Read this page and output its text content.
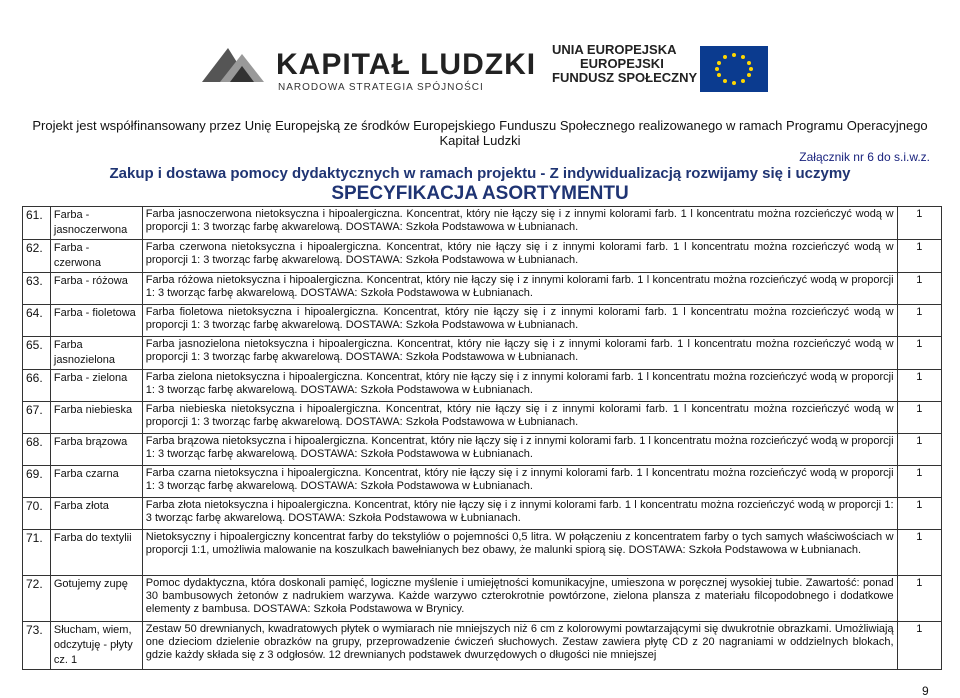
KAPITAŁ LUDZKI
NARODOWA STRATEGIA SPÓJNOŚCI
UNIA EUROPEJSKA
EUROPEJSKI
FUNDUSZ SPOŁECZNY
Projekt jest współfinansowany przez Unię Europejską ze środków Europejskiego Funduszu Społecznego realizowanego w ramach Programu Operacyjnego
Kapitał Ludzki
Załącznik nr 6 do s.i.w.z.
Zakup i dostawa pomocy dydaktycznych w ramach projektu - Z indywidualizacją rozwijamy się i uczymy
SPECYFIKACJA ASORTYMENTU
61.	Farba - jasnoczerwona	Farba jasnoczerwona nietoksyczna i hipoalergiczna. Koncentrat, który nie łączy się i z innymi kolorami farb. 1 l koncentratu można rozcieńczyć wodą w proporcji 1: 3 tworząc farbę akwarelową. DOSTAWA: Szkoła Podstawowa w Łubnianach.	1
62.	Farba - czerwona	Farba czerwona nietoksyczna i hipoalergiczna. Koncentrat, który nie łączy się i z innymi kolorami farb. 1 l koncentratu można rozcieńczyć wodą w proporcji 1: 3 tworząc farbę akwarelową. DOSTAWA: Szkoła Podstawowa w Łubnianach.	1
63.	Farba - różowa	Farba różowa nietoksyczna i hipoalergiczna. Koncentrat, który nie łączy się i z innymi kolorami farb. 1 l koncentratu można rozcieńczyć wodą w proporcji 1: 3 tworząc farbę akwarelową. DOSTAWA: Szkoła Podstawowa w Łubnianach.	1
64.	Farba - fioletowa	Farba fioletowa nietoksyczna i hipoalergiczna. Koncentrat, który nie łączy się i z innymi kolorami farb. 1 l koncentratu można rozcieńczyć wodą w proporcji 1: 3 tworząc farbę akwarelową. DOSTAWA: Szkoła Podstawowa w Łubnianach.	1
65.	Farba jasnozielona	Farba jasnozielona nietoksyczna i hipoalergiczna. Koncentrat, który nie łączy się i z innymi kolorami farb. 1 l koncentratu można rozcieńczyć wodą w proporcji 1: 3 tworząc farbę akwarelową. DOSTAWA: Szkoła Podstawowa w Łubnianach.	1
66.	Farba - zielona	Farba zielona nietoksyczna i hipoalergiczna. Koncentrat, który nie łączy się i z innymi kolorami farb. 1 l koncentratu można rozcieńczyć wodą w proporcji 1: 3 tworząc farbę akwarelową. DOSTAWA: Szkoła Podstawowa w Łubnianach.	1
67.	Farba niebieska	Farba niebieska nietoksyczna i hipoalergiczna. Koncentrat, który nie łączy się i z innymi kolorami farb. 1 l koncentratu można rozcieńczyć wodą w proporcji 1: 3 tworząc farbę akwarelową. DOSTAWA: Szkoła Podstawowa w Łubnianach.	1
68.	Farba brązowa	Farba brązowa nietoksyczna i hipoalergiczna. Koncentrat, który nie łączy się i z innymi kolorami farb. 1 l koncentratu można rozcieńczyć wodą w proporcji 1: 3 tworząc farbę akwarelową. DOSTAWA: Szkoła Podstawowa w Łubnianach.	1
69.	Farba czarna	Farba czarna nietoksyczna i hipoalergiczna. Koncentrat, który nie łączy się i z innymi kolorami farb. 1 l koncentratu można rozcieńczyć wodą w proporcji 1: 3 tworząc farbę akwarelową. DOSTAWA: Szkoła Podstawowa w Łubnianach.	1
70.	Farba złota	Farba złota nietoksyczna i hipoalergiczna. Koncentrat, który nie łączy się i z innymi kolorami farb. 1 l koncentratu można rozcieńczyć wodą w proporcji 1: 3 tworząc farbę akwarelową. DOSTAWA: Szkoła Podstawowa w Łubnianach.	1
71.	Farba do textylii	Nietoksyczny i hipoalergiczny koncentrat farby do tekstyliów o pojemności 0,5 litra. W połączeniu z koncentratem farby o tych samych właściwościach w proporcji 1:1, umożliwia malowanie na koszulkach bawełnianych bez obawy, że malunki spiorą się. DOSTAWA: Szkoła Podstawowa w Łubnianach.	1
72.	Gotujemy zupę	Pomoc dydaktyczna, która doskonali pamięć, logiczne myślenie i umiejętności komunikacyjne, umieszona w poręcznej wysokiej tubie. Zawartość: ponad 30 bambusowych żetonów z nadrukiem warzywa. Każde warzywo czterokrotnie powtórzone, zielona plansza z materiału filcopodobnego i dodatkowe elementy z bambusa. DOSTAWA: Szkoła Podstawowa w Brynicy.	1
73.	Słucham, wiem, odczytuję - płyty cz. 1	Zestaw 50 drewnianych, kwadratowych płytek o wymiarach nie mniejszych niż 6 cm z kolorowymi powtarzającymi się dwukrotnie obrazkami. Umożliwiają one dzieciom dzielenie obrazków na grupy, przeprowadzenie ćwiczeń słuchowych. Zestaw zawiera płytę CD z 20 nagraniami w oddzielnych blokach, gdzie każdy składa się z 3 odgłosów. 12 drewnianych podstawek dwurzędowych o długości nie mniejszej	1
9
